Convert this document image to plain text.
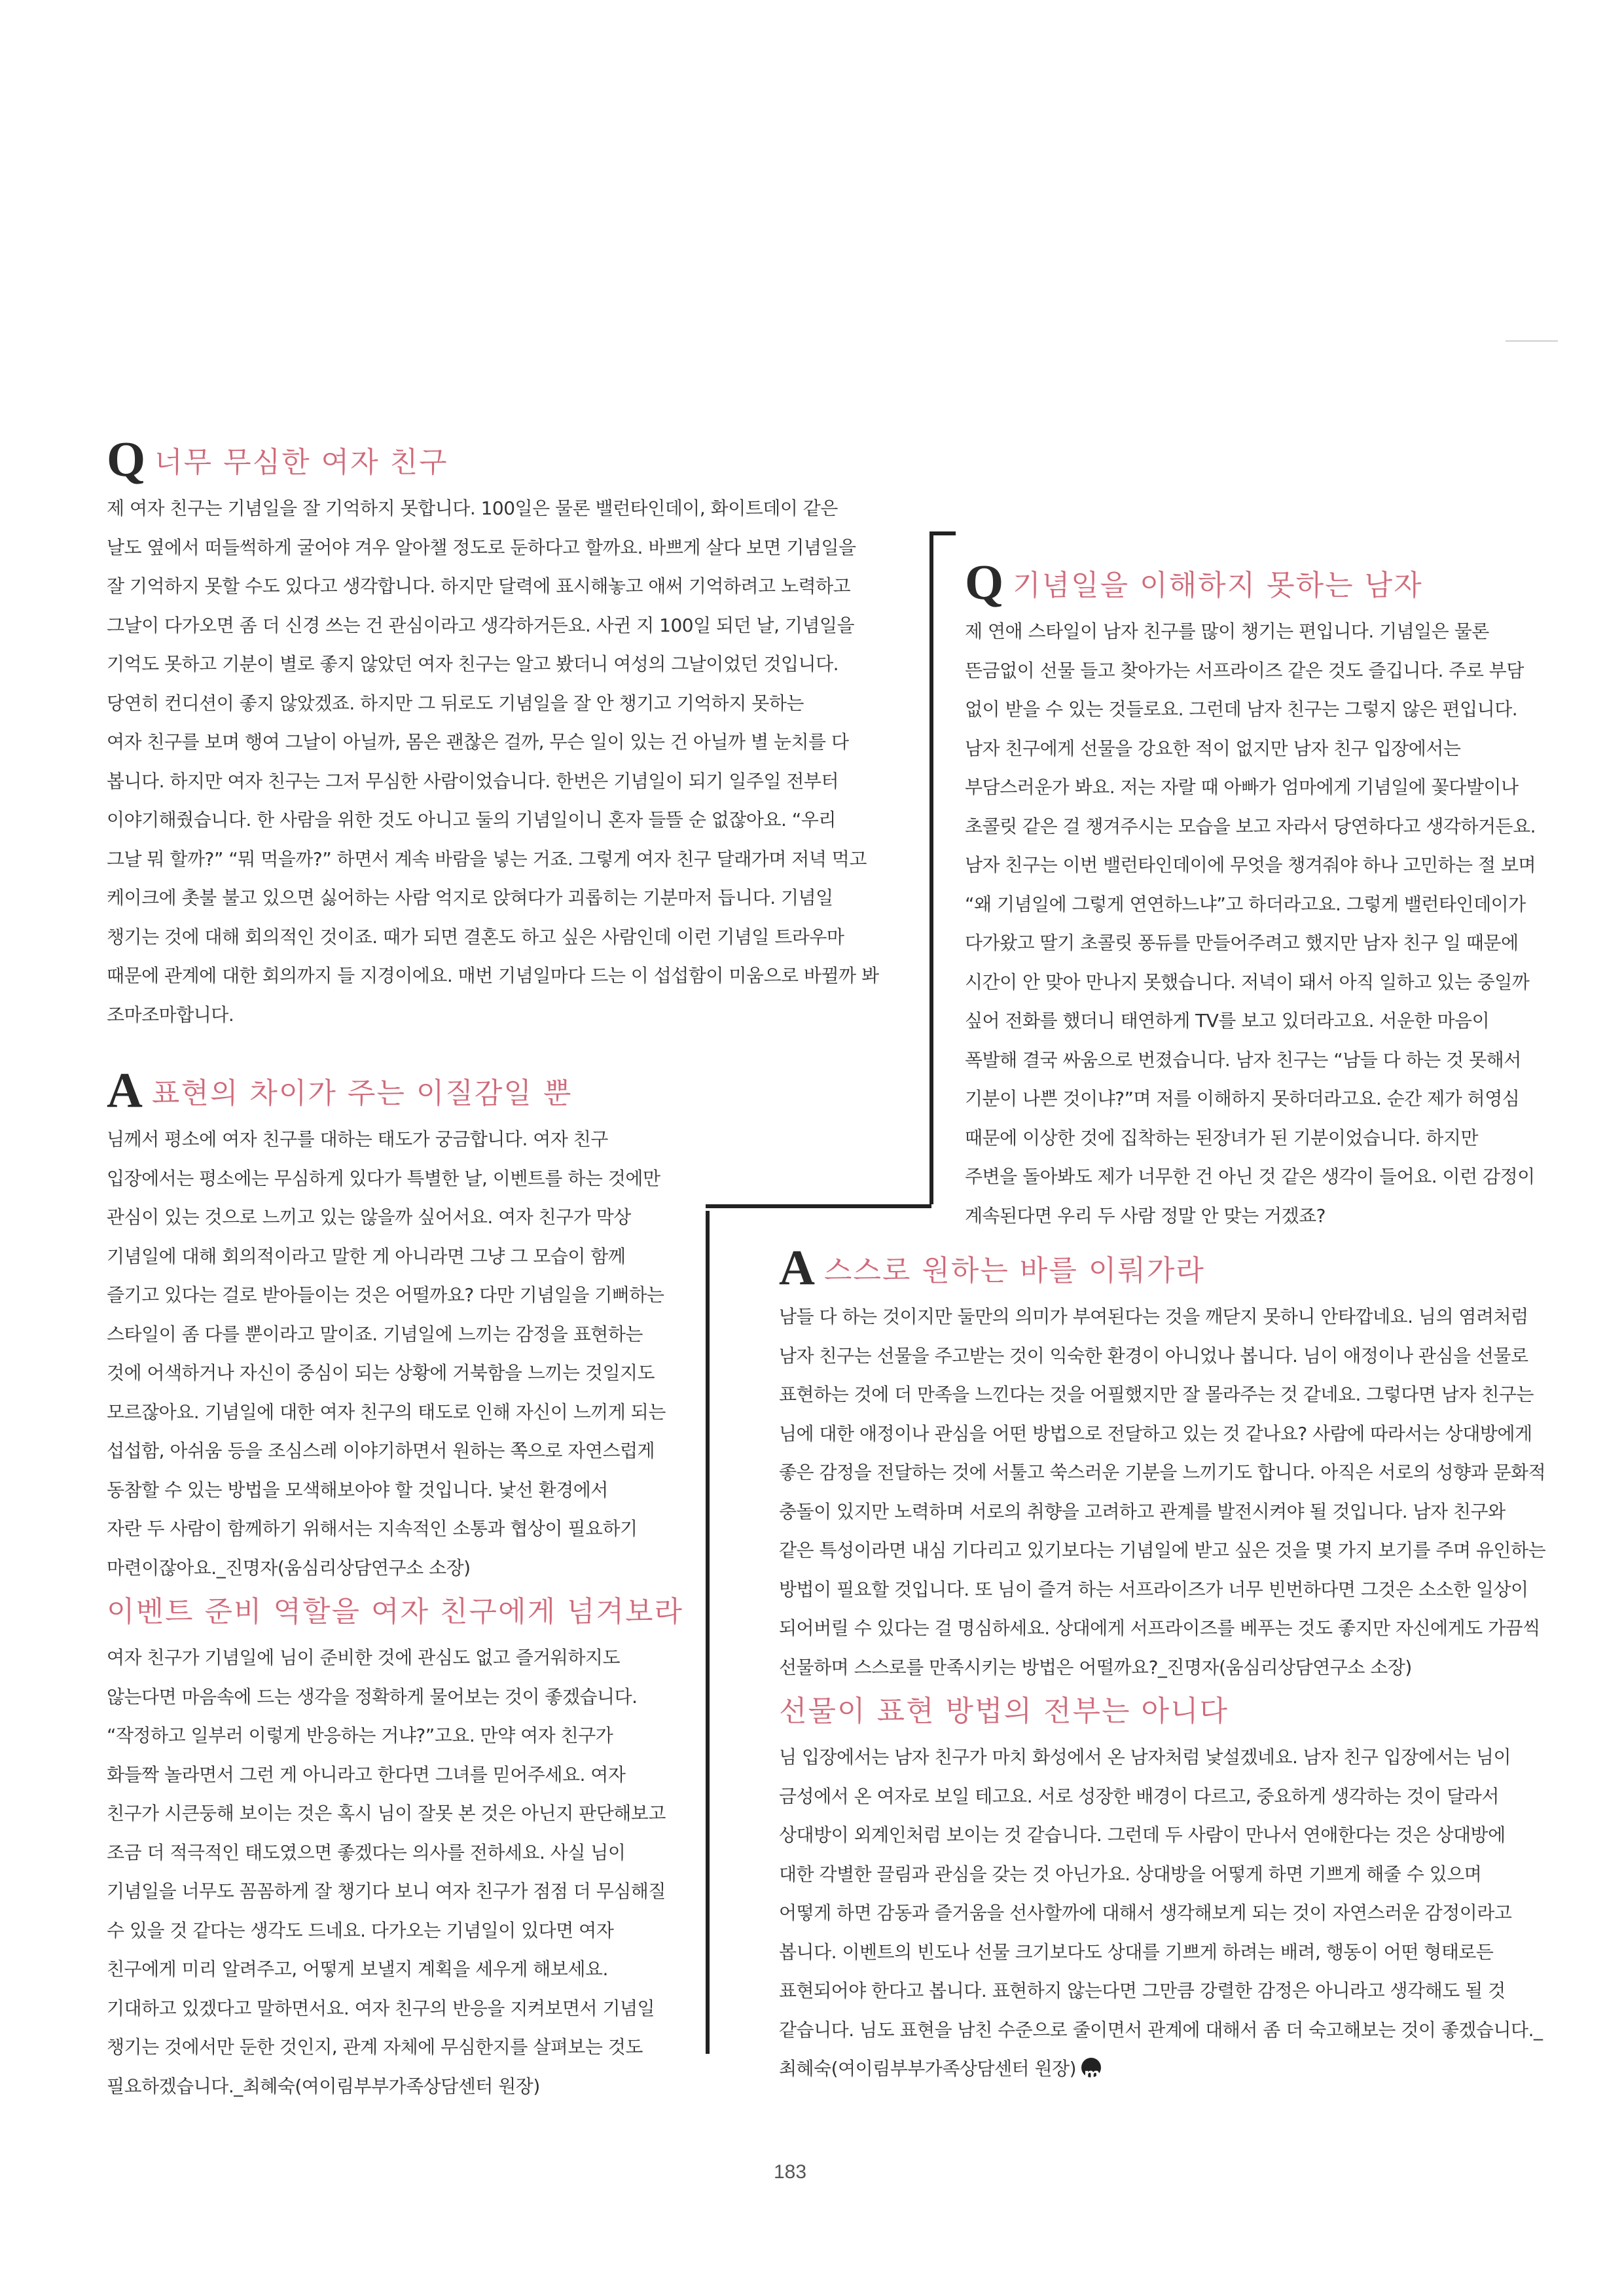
Q너무 무심한 여자 친구
제 여자 친구는 기념일을 잘 기억하지 못합니다. 100일은 물론 밸런타인데이, 화이트데이 같은
날도 옆에서 떠들썩하게 굴어야 겨우 알아챌 정도로 둔하다고 할까요. 바쁘게 살다 보면 기념일을
잘 기억하지 못할 수도 있다고 생각합니다. 하지만 달력에 표시해놓고 애써 기억하려고 노력하고
그날이 다가오면 좀 더 신경 쓰는 건 관심이라고 생각하거든요. 사귄 지 100일 되던 날, 기념일을
기억도 못하고 기분이 별로 좋지 않았던 여자 친구는 알고 봤더니 여성의 그날이었던 것입니다.
당연히 컨디션이 좋지 않았겠죠. 하지만 그 뒤로도 기념일을 잘 안 챙기고 기억하지 못하는
여자 친구를 보며 행여 그날이 아닐까, 몸은 괜찮은 걸까, 무슨 일이 있는 건 아닐까 별 눈치를 다
봅니다. 하지만 여자 친구는 그저 무심한 사람이었습니다. 한번은 기념일이 되기 일주일 전부터
이야기해줬습니다. 한 사람을 위한 것도 아니고 둘의 기념일이니 혼자 들뜰 순 없잖아요. “우리
그날 뭐 할까?” “뭐 먹을까?” 하면서 계속 바람을 넣는 거죠. 그렇게 여자 친구 달래가며 저녁 먹고
케이크에 촛불 불고 있으면 싫어하는 사람 억지로 앉혀다가 괴롭히는 기분마저 듭니다. 기념일
챙기는 것에 대해 회의적인 것이죠. 때가 되면 결혼도 하고 싶은 사람인데 이런 기념일 트라우마
때문에 관계에 대한 회의까지 들 지경이에요. 매번 기념일마다 드는 이 섭섭함이 미움으로 바뀔까 봐
조마조마합니다.
A표현의 차이가 주는 이질감일 뿐
님께서 평소에 여자 친구를 대하는 태도가 궁금합니다. 여자 친구
입장에서는 평소에는 무심하게 있다가 특별한 날, 이벤트를 하는 것에만
관심이 있는 것으로 느끼고 있는 않을까 싶어서요. 여자 친구가 막상
기념일에 대해 회의적이라고 말한 게 아니라면 그냥 그 모습이 함께
즐기고 있다는 걸로 받아들이는 것은 어떨까요? 다만 기념일을 기뻐하는
스타일이 좀 다를 뿐이라고 말이죠. 기념일에 느끼는 감정을 표현하는
것에 어색하거나 자신이 중심이 되는 상황에 거북함을 느끼는 것일지도
모르잖아요. 기념일에 대한 여자 친구의 태도로 인해 자신이 느끼게 되는
섭섭함, 아쉬움 등을 조심스레 이야기하면서 원하는 쪽으로 자연스럽게
동참할 수 있는 방법을 모색해보아야 할 것입니다. 낯선 환경에서
자란 두 사람이 함께하기 위해서는 지속적인 소통과 협상이 필요하기
마련이잖아요._진명자(움심리상담연구소 소장)
이벤트 준비 역할을 여자 친구에게 넘겨보라
여자 친구가 기념일에 님이 준비한 것에 관심도 없고 즐거워하지도
않는다면 마음속에 드는 생각을 정확하게 물어보는 것이 좋겠습니다.
“작정하고 일부러 이렇게 반응하는 거냐?”고요. 만약 여자 친구가
화들짝 놀라면서 그런 게 아니라고 한다면 그녀를 믿어주세요. 여자
친구가 시큰둥해 보이는 것은 혹시 님이 잘못 본 것은 아닌지 판단해보고
조금 더 적극적인 태도였으면 좋겠다는 의사를 전하세요. 사실 님이
기념일을 너무도 꼼꼼하게 잘 챙기다 보니 여자 친구가 점점 더 무심해질
수 있을 것 같다는 생각도 드네요. 다가오는 기념일이 있다면 여자
친구에게 미리 알려주고, 어떻게 보낼지 계획을 세우게 해보세요.
기대하고 있겠다고 말하면서요. 여자 친구의 반응을 지켜보면서 기념일
챙기는 것에서만 둔한 것인지, 관계 자체에 무심한지를 살펴보는 것도
필요하겠습니다._최혜숙(여이림부부가족상담센터 원장)
Q기념일을 이해하지 못하는 남자
제 연애 스타일이 남자 친구를 많이 챙기는 편입니다. 기념일은 물론
뜬금없이 선물 들고 찾아가는 서프라이즈 같은 것도 즐깁니다. 주로 부담
없이 받을 수 있는 것들로요. 그런데 남자 친구는 그렇지 않은 편입니다.
남자 친구에게 선물을 강요한 적이 없지만 남자 친구 입장에서는
부담스러운가 봐요. 저는 자랄 때 아빠가 엄마에게 기념일에 꽃다발이나
초콜릿 같은 걸 챙겨주시는 모습을 보고 자라서 당연하다고 생각하거든요.
남자 친구는 이번 밸런타인데이에 무엇을 챙겨줘야 하나 고민하는 절 보며
“왜 기념일에 그렇게 연연하느냐”고 하더라고요. 그렇게 밸런타인데이가
다가왔고 딸기 초콜릿 퐁듀를 만들어주려고 했지만 남자 친구 일 때문에
시간이 안 맞아 만나지 못했습니다. 저녁이 돼서 아직 일하고 있는 중일까
싶어 전화를 했더니 태연하게 TV를 보고 있더라고요. 서운한 마음이
폭발해 결국 싸움으로 번졌습니다. 남자 친구는 “남들 다 하는 것 못해서
기분이 나쁜 것이냐?”며 저를 이해하지 못하더라고요. 순간 제가 허영심
때문에 이상한 것에 집착하는 된장녀가 된 기분이었습니다. 하지만
주변을 돌아봐도 제가 너무한 건 아닌 것 같은 생각이 들어요. 이런 감정이
계속된다면 우리 두 사람 정말 안 맞는 거겠죠?
A스스로 원하는 바를 이뤄가라
남들 다 하는 것이지만 둘만의 의미가 부여된다는 것을 깨닫지 못하니 안타깝네요. 님의 염려처럼
남자 친구는 선물을 주고받는 것이 익숙한 환경이 아니었나 봅니다. 님이 애정이나 관심을 선물로
표현하는 것에 더 만족을 느낀다는 것을 어필했지만 잘 몰라주는 것 같네요. 그렇다면 남자 친구는
님에 대한 애정이나 관심을 어떤 방법으로 전달하고 있는 것 같나요? 사람에 따라서는 상대방에게
좋은 감정을 전달하는 것에 서툴고 쑥스러운 기분을 느끼기도 합니다. 아직은 서로의 성향과 문화적
충돌이 있지만 노력하며 서로의 취향을 고려하고 관계를 발전시켜야 될 것입니다. 남자 친구와
같은 특성이라면 내심 기다리고 있기보다는 기념일에 받고 싶은 것을 몇 가지 보기를 주며 유인하는
방법이 필요할 것입니다. 또 님이 즐겨 하는 서프라이즈가 너무 빈번하다면 그것은 소소한 일상이
되어버릴 수 있다는 걸 명심하세요. 상대에게 서프라이즈를 베푸는 것도 좋지만 자신에게도 가끔씩
선물하며 스스로를 만족시키는 방법은 어떨까요?_진명자(움심리상담연구소 소장)
선물이 표현 방법의 전부는 아니다
님 입장에서는 남자 친구가 마치 화성에서 온 남자처럼 낯설겠네요. 남자 친구 입장에서는 님이
금성에서 온 여자로 보일 테고요. 서로 성장한 배경이 다르고, 중요하게 생각하는 것이 달라서
상대방이 외계인처럼 보이는 것 같습니다. 그런데 두 사람이 만나서 연애한다는 것은 상대방에
대한 각별한 끌림과 관심을 갖는 것 아닌가요. 상대방을 어떻게 하면 기쁘게 해줄 수 있으며
어떻게 하면 감동과 즐거움을 선사할까에 대해서 생각해보게 되는 것이 자연스러운 감정이라고
봅니다. 이벤트의 빈도나 선물 크기보다도 상대를 기쁘게 하려는 배려, 행동이 어떤 형태로든
표현되어야 한다고 봅니다. 표현하지 않는다면 그만큼 강렬한 감정은 아니라고 생각해도 될 것
같습니다. 님도 표현을 남친 수준으로 줄이면서 관계에 대해서 좀 더 숙고해보는 것이 좋겠습니다._
최혜숙(여이림부부가족상담센터 원장)m
183
